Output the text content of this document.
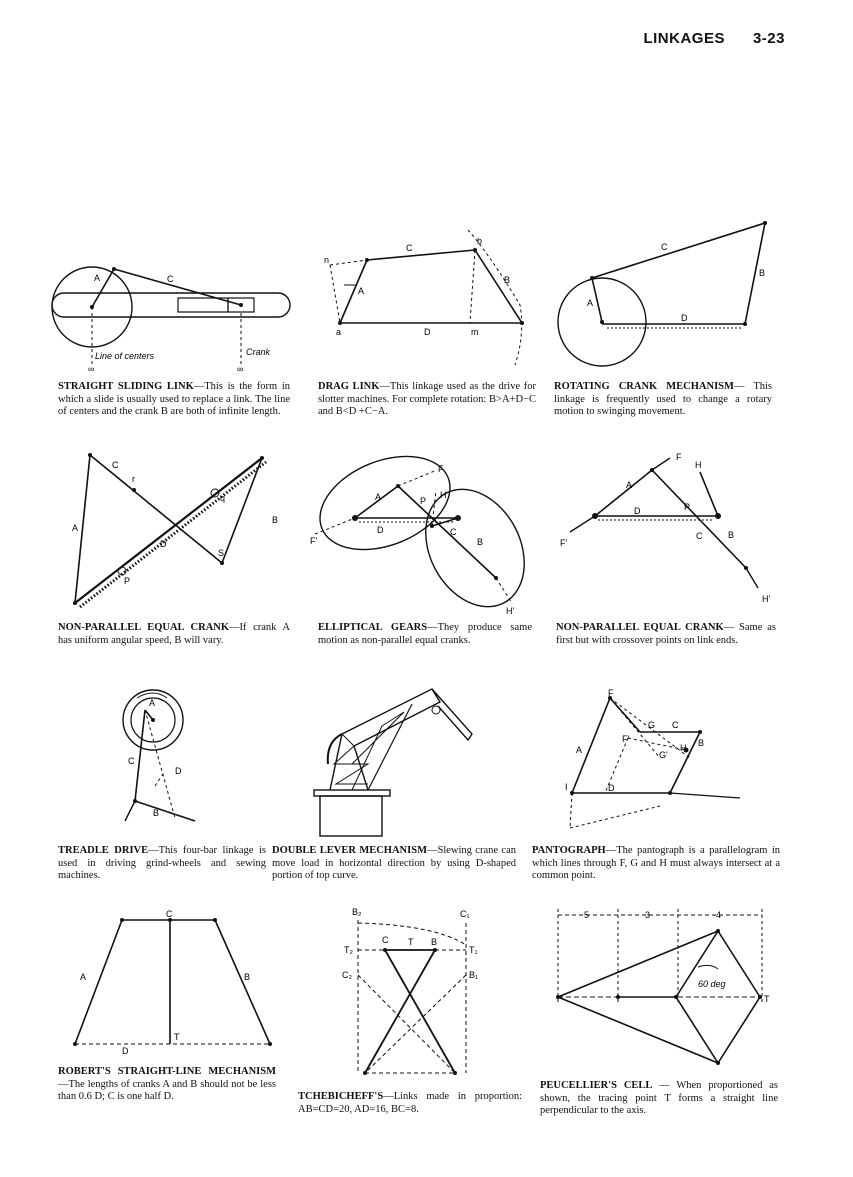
LINKAGES 3-23
A	C
Crank
Line of centers
∞	∞
STRAIGHT SLIDING LINK—This is the form in which a slide is usually used to replace a link. The line of centers and the crank B are both of infinite length.
C
b
n
A
B
a	D	m
DRAG LINK—This linkage used as the drive for slotter machines. For complete rotation: B>A+D−C and B<D +C−A.
C
B
A
D
ROTATING CRANK MECHANISM— This linkage is frequently used to change a rotary motion to swinging movement.
C
r
q
B
A
D
S
P
NON-PARALLEL EQUAL CRANK—If crank A has uniform angular speed, B will vary.
F
A	P
H
D	C
B
F'
H'
ELLIPTICAL GEARS—They produce same motion as non-parallel equal cranks.
F
H
A
D	P
F'
C	B
H'
NON-PARALLEL EQUAL CRANK— Same as first but with crossover points on link ends.
A
C
D
B
TREADLE DRIVE—This four-bar linkage is used in driving grind-wheels and sewing machines.
DOUBLE LEVER MECHANISM—Slewing crane can move load in horizontal direction by using D-shaped portion of top curve.
F
G C
F'	B
A	G'
H
D
I
PANTOGRAPH—The pantograph is a parallelogram in which lines through F, G and H must always intersect at a common point.
C
A	B
T
D
ROBERT'S STRAIGHT-LINE MECHANISM—The lengths of cranks A and B should not be less than 0.6 D; C is one half D.
B₂	C₁
T₂
C T B
T₁
C₂	B₁
TCHEBICHEFF'S—Links made in proportion: AB=CD=20, AD=16, BC=8.
5	3	4
60 deg
T
PEUCELLIER'S CELL — When proportioned as shown, the tracing point T forms a straight line perpendicular to the axis.
